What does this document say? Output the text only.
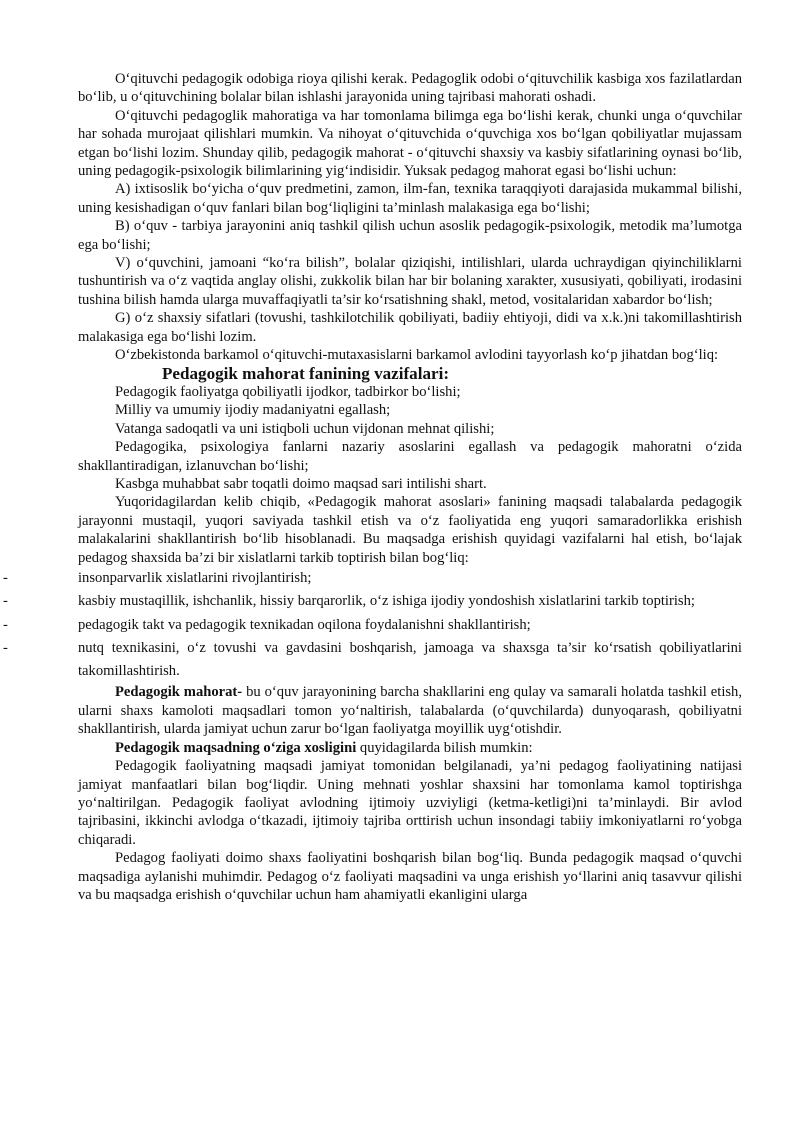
O‘qituvchi pedagogik odobiga rioya qilishi kerak. Pedagoglik odobi o‘qituvchilik kasbiga xos fazilatlardan bo‘lib, u o‘qituvchining bolalar bilan ishlashi jarayonida uning tajribasi mahorati oshadi.

O‘qituvchi pedagoglik mahoratiga va har tomonlama bilimga ega bo‘lishi kerak, chunki unga o‘quvchilar har sohada murojaat qilishlari mumkin. Va nihoyat o‘qituvchida o‘quvchiga xos bo‘lgan qobiliyatlar mujassam etgan bo‘lishi lozim. Shunday qilib, pedagogik mahorat - o‘qituvchi shaxsiy va kasbiy sifatlarining oynasi bo‘lib, uning pedagogik-psixologik bilimlarining yig‘indisidir. Yuksak pedagog mahorat egasi bo‘lishi uchun:

A) ixtisoslik bo‘yicha o‘quv predmetini, zamon, ilm-fan, texnika taraqqiyoti darajasida mukammal bilishi, uning kesishadigan o‘quv fanlari bilan bog‘liqligini ta’minlash malakasiga ega bo‘lishi;

B) o‘quv - tarbiya jarayonini aniq tashkil qilish uchun asoslik pedagogik-psixologik, metodik ma’lumotga ega bo‘lishi;

V) o‘quvchini, jamoani “ko‘ra bilish”, bolalar qiziqishi, intilishlari, ularda uchraydigan qiyinchiliklarni tushuntirish va o‘z vaqtida anglay olishi, zukkolik bilan har bir bolaning xarakter, xususiyati, qobiliyati, irodasini tushina bilish hamda ularga muvaffaqiyatli ta’sir ko‘rsatishning shakl, metod, vositalaridan xabardor bo‘lish;

G) o‘z shaxsiy sifatlari (tovushi, tashkilotchilik qobiliyati, badiiy ehtiyoji, didi va x.k.)ni takomillashtirish malakasiga ega bo‘lishi lozim.

O‘zbekistonda barkamol o‘qituvchi-mutaxasislarni barkamol avlodini tayyorlash ko‘p jihatdan bog‘liq:

Pedagogik mahorat fanining vazifalari:

Pedagogik faoliyatga qobiliyatli ijodkor, tadbirkor bo‘lishi;

Milliy va umumiy ijodiy madaniyatni egallash;

Vatanga sadoqatli va uni istiqboli uchun vijdonan mehnat qilishi;

Pedagogika, psixologiya fanlarni nazariy asoslarini egallash va pedagogik mahoratni o‘zida shakllantiradigan, izlanuvchan bo‘lishi;

Kasbga muhabbat sabr toqatli doimo maqsad sari intilishi shart.

Yuqoridagilardan kelib chiqib, «Pedagogik mahorat asoslari» fanining maqsadi talabalarda pedagogik jarayonni mustaqil, yuqori saviyada tashkil etish va o‘z faoliyatida eng yuqori samaradorlikka erishish malakalarini shakllantirish bo‘lib hisoblanadi. Bu maqsadga erishish quyidagi vazifalarni hal etish, bo‘lajak pedagog shaxsida ba’zi bir xislatlarni tarkib toptirish bilan bog‘liq:

-	insonparvarlik xislatlarini rivojlantirish;
-	kasbiy mustaqillik, ishchanlik, hissiy barqarorlik, o‘z ishiga ijodiy yondoshish xislatlarini tarkib toptirish;
-	pedagogik takt va pedagogik texnikadan oqilona foydalanishni shakllantirish;
-	nutq texnikasini, o‘z tovushi va gavdasini boshqarish, jamoaga va shaxsga ta’sir ko‘rsatish qobiliyatlarini takomillashtirish.

Pedagogik mahorat- bu o‘quv jarayonining barcha shakllarini eng qulay va samarali holatda tashkil etish, ularni shaxs kamoloti maqsadlari tomon yo‘naltirish, talabalarda (o‘quvchilarda) dunyoqarash, qobiliyatni shakllantirish, ularda jamiyat uchun zarur bo‘lgan faoliyatga moyillik uyg‘otishdir.

Pedagogik maqsadning o‘ziga xosligini quyidagilarda bilish mumkin:

Pedagogik faoliyatning maqsadi jamiyat tomonidan belgilanadi, ya’ni pedagog faoliyatining natijasi jamiyat manfaatlari bilan bog‘liqdir. Uning mehnati yoshlar shaxsini har tomonlama kamol toptirishga yo‘naltirilgan. Pedagogik faoliyat avlodning ijtimoiy uzviyligi (ketma-ketligi)ni ta’minlaydi. Bir avlod tajribasini, ikkinchi avlodga o‘tkazadi, ijtimoiy tajriba orttirish uchun insondagi tabiiy imkoniyatlarni ro‘yobga chiqaradi.

Pedagog faoliyati doimo shaxs faoliyatini boshqarish bilan bog‘liq. Bunda pedagogik maqsad o‘quvchi maqsadiga aylanishi muhimdir. Pedagog o‘z faoliyati maqsadini va unga erishish yo‘llarini aniq tasavvur qilishi va bu maqsadga erishish o‘quvchilar uchun ham ahamiyatli ekanligini ularga
